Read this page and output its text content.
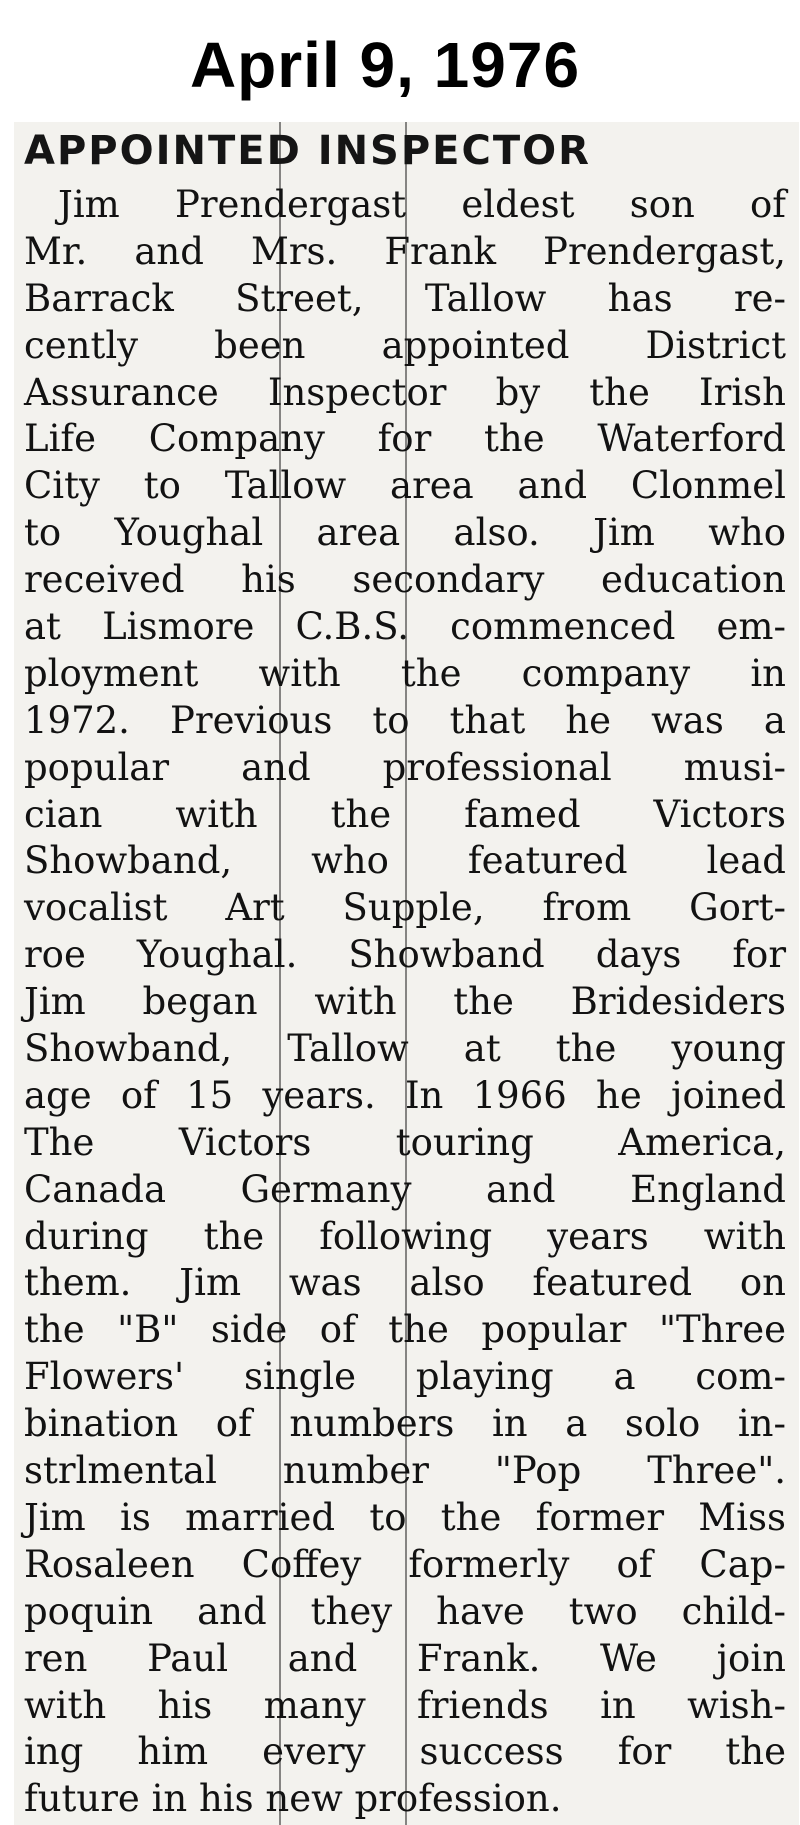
April 9, 1976
APPOINTED INSPECTOR
Jim Prendergast eldest son of
Mr. and Mrs. Frank Prendergast,
Barrack Street, Tallow has re-
cently been appointed District
Assurance Inspector by the Irish
Life Company for the Waterford
City to Tallow area and Clonmel
to Youghal area also. Jim who
received his secondary education
at Lismore C.B.S. commenced em-
ployment with the company in
1972. Previous to that he was a
popular and professional musi-
cian with the famed Victors
Showband, who featured lead
vocalist Art Supple, from Gort-
roe Youghal. Showband days for
Jim began with the Bridesiders
Showband, Tallow at the young
age of 15 years. In 1966 he joined
The Victors touring America,
Canada Germany and England
during the following years with
them. Jim was also featured on
the "B" side of the popular "Three
Flowers' single playing a com-
bination of numbers in a solo in-
strlmental number "Pop Three".
Jim is married to the former Miss
Rosaleen Coffey formerly of Cap-
poquin and they have two child-
ren Paul and Frank. We join
with his many friends in wish-
ing him every success for the
future in his new profession.
